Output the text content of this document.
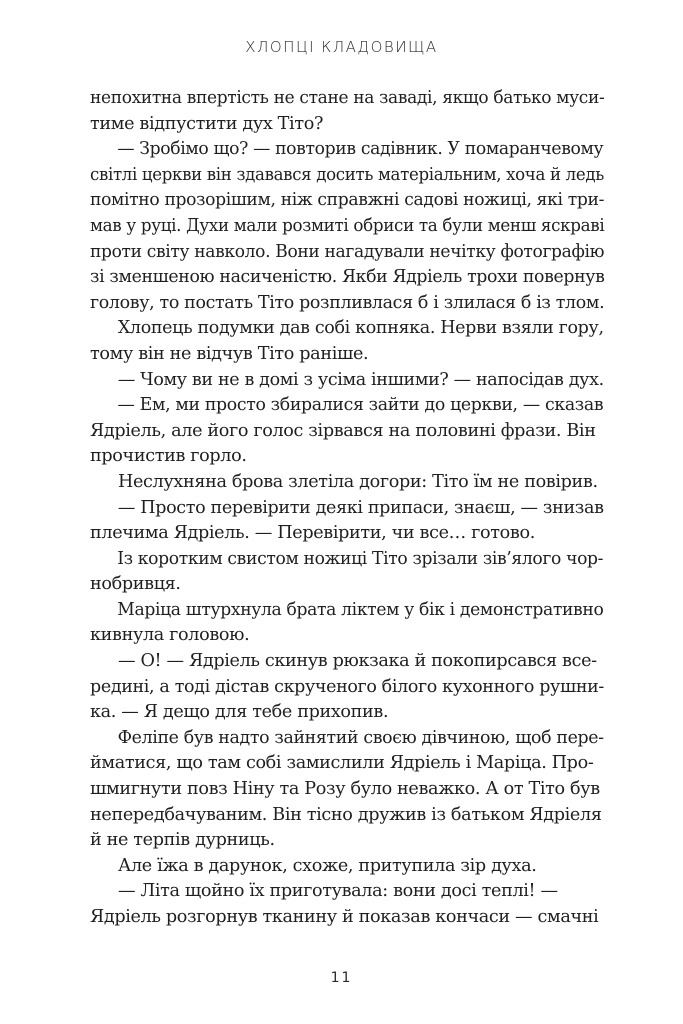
ХЛОПЦІ КЛАДОВИЩА
непохитна впертість не стане на заваді, якщо батько муси-
тиме відпустити дух Тіто?
— Зробімо що? — повторив садівник. У помаранчевому
світлі церкви він здавався досить матеріальним, хоча й ледь
помітно прозорішим, ніж справжні садові ножиці, які три-
мав у руці. Духи мали розмиті обриси та були менш яскраві
проти світу навколо. Вони нагадували нечітку фотографію
зі зменшеною насиченістю. Якби Ядріель трохи повернув
голову, то постать Тіто розпливлася б і злилася б із тлом.
Хлопець подумки дав собі копняка. Нерви взяли гору,
тому він не відчув Тіто раніше.
— Чому ви не в домі з усіма іншими? — напосідав дух.
— Ем, ми просто збиралися зайти до церкви, — сказав
Ядріель, але його голос зірвався на половині фрази. Він
прочистив горло.
Неслухняна брова злетіла догори: Тіто їм не повірив.
— Просто перевірити деякі припаси, знаєш, — знизав
плечима Ядріель. — Перевірити, чи все… готово.
Із коротким свистом ножиці Тіто зрізали зів’ялого чор-
нобривця.
Маріца штурхнула брата ліктем у бік і демонстративно
кивнула головою.
— О! — Ядріель скинув рюкзака й покопирсався все-
редині, а тоді дістав скрученого білого кухонного рушни-
ка. — Я дещо для тебе прихопив.
Феліпе був надто зайнятий своєю дівчиною, щоб пере-
йматися, що там собі замислили Ядріель і Маріца. Про-
шмигнути повз Ніну та Розу було неважко. А от Тіто був
непередбачуваним. Він тісно дружив із батьком Ядріеля
й не терпів дурниць.
Але їжа в дарунок, схоже, притупила зір духа.
— Літа щойно їх приготувала: вони досі теплі! —
Ядріель розгорнув тканину й показав кончаси — смачні
11
